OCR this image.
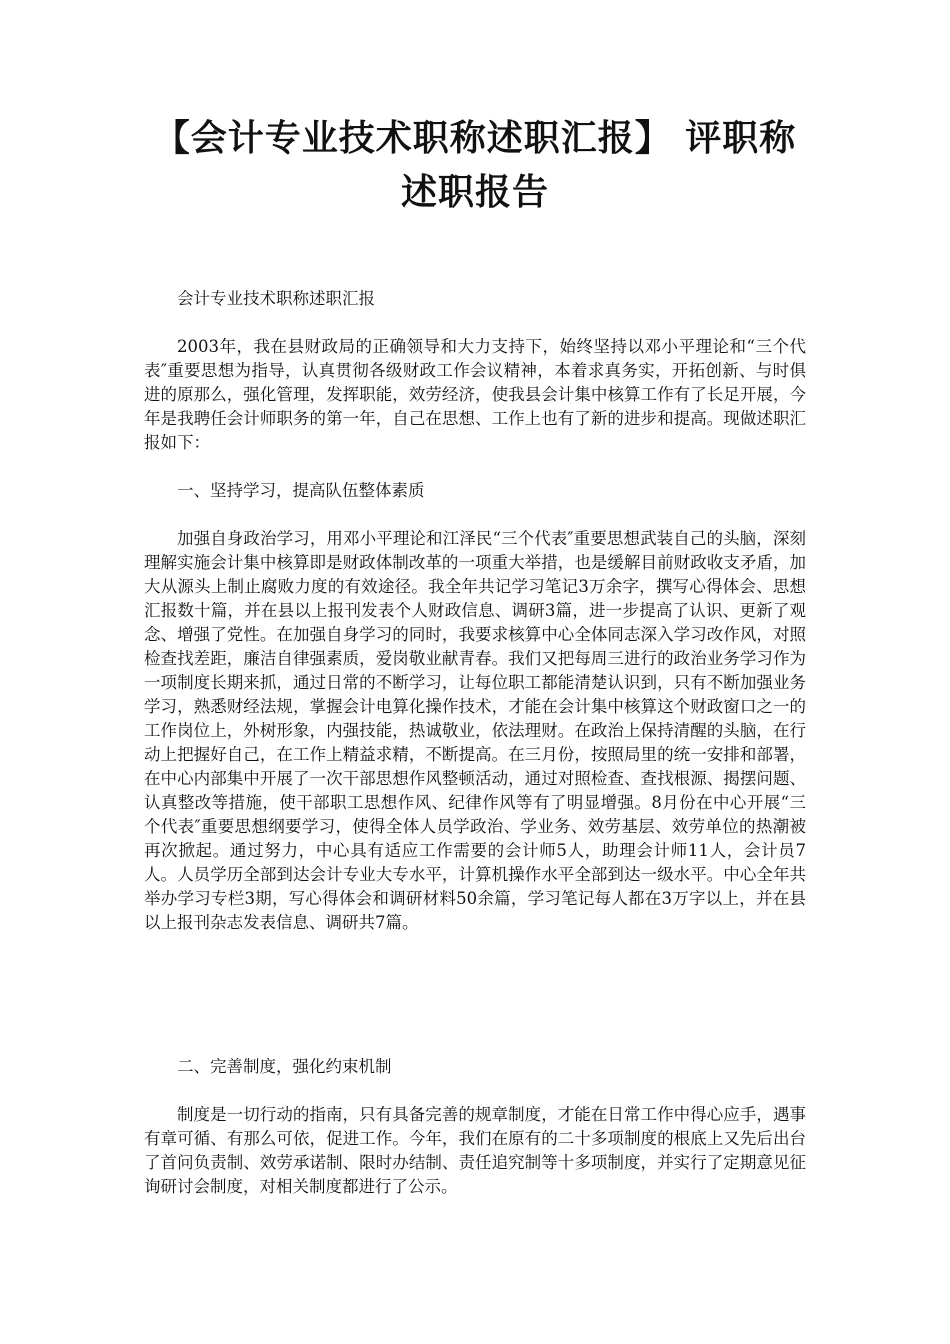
【会计专业技术职称述职汇报】 评职称述职报告

会计专业技术职称述职汇报

2003年，我在县财政局的正确领导和大力支持下，始终坚持以邓小平理论和“三个代表″重要思想为指导，认真贯彻各级财政工作会议精神，本着求真务实，开拓创新、与时俱进的原那么，强化管理，发挥职能，效劳经济，使我县会计集中核算工作有了长足开展，今年是我聘任会计师职务的第一年，自己在思想、工作上也有了新的进步和提高。现做述职汇报如下：

一、坚持学习，提高队伍整体素质

加强自身政治学习，用邓小平理论和江泽民“三个代表″重要思想武装自己的头脑，深刻理解实施会计集中核算即是财政体制改革的一项重大举措，也是缓解目前财政收支矛盾，加大从源头上制止腐败力度的有效途径。我全年共记学习笔记3万余字，撰写心得体会、思想汇报数十篇，并在县以上报刊发表个人财政信息、调研3篇，进一步提高了认识、更新了观念、增强了党性。在加强自身学习的同时，我要求核算中心全体同志深入学习改作风，对照检查找差距，廉洁自律强素质，爱岗敬业献青春。我们又把每周三进行的政治业务学习作为一项制度长期来抓，通过日常的不断学习，让每位职工都能清楚认识到，只有不断加强业务学习，熟悉财经法规，掌握会计电算化操作技术，才能在会计集中核算这个财政窗口之一的工作岗位上，外树形象，内强技能，热诚敬业，依法理财。在政治上保持清醒的头脑，在行动上把握好自己，在工作上精益求精，不断提高。在三月份，按照局里的统一安排和部署，在中心内部集中开展了一次干部思想作风整顿活动，通过对照检查、查找根源、揭摆问题、认真整改等措施，使干部职工思想作风、纪律作风等有了明显增强。8月份在中心开展“三个代表″重要思想纲要学习，使得全体人员学政治、学业务、效劳基层、效劳单位的热潮被再次掀起。通过努力，中心具有适应工作需要的会计师5人，助理会计师11人，会计员7人。人员学历全部到达会计专业大专水平，计算机操作水平全部到达一级水平。中心全年共举办学习专栏3期，写心得体会和调研材料50余篇，学习笔记每人都在3万字以上，并在县以上报刊杂志发表信息、调研共7篇。

二、完善制度，强化约束机制

制度是一切行动的指南，只有具备完善的规章制度，才能在日常工作中得心应手，遇事有章可循、有那么可依，促进工作。今年，我们在原有的二十多项制度的根底上又先后出台了首问负责制、效劳承诺制、限时办结制、责任追究制等十多项制度，并实行了定期意见征询研讨会制度，对相关制度都进行了公示。
